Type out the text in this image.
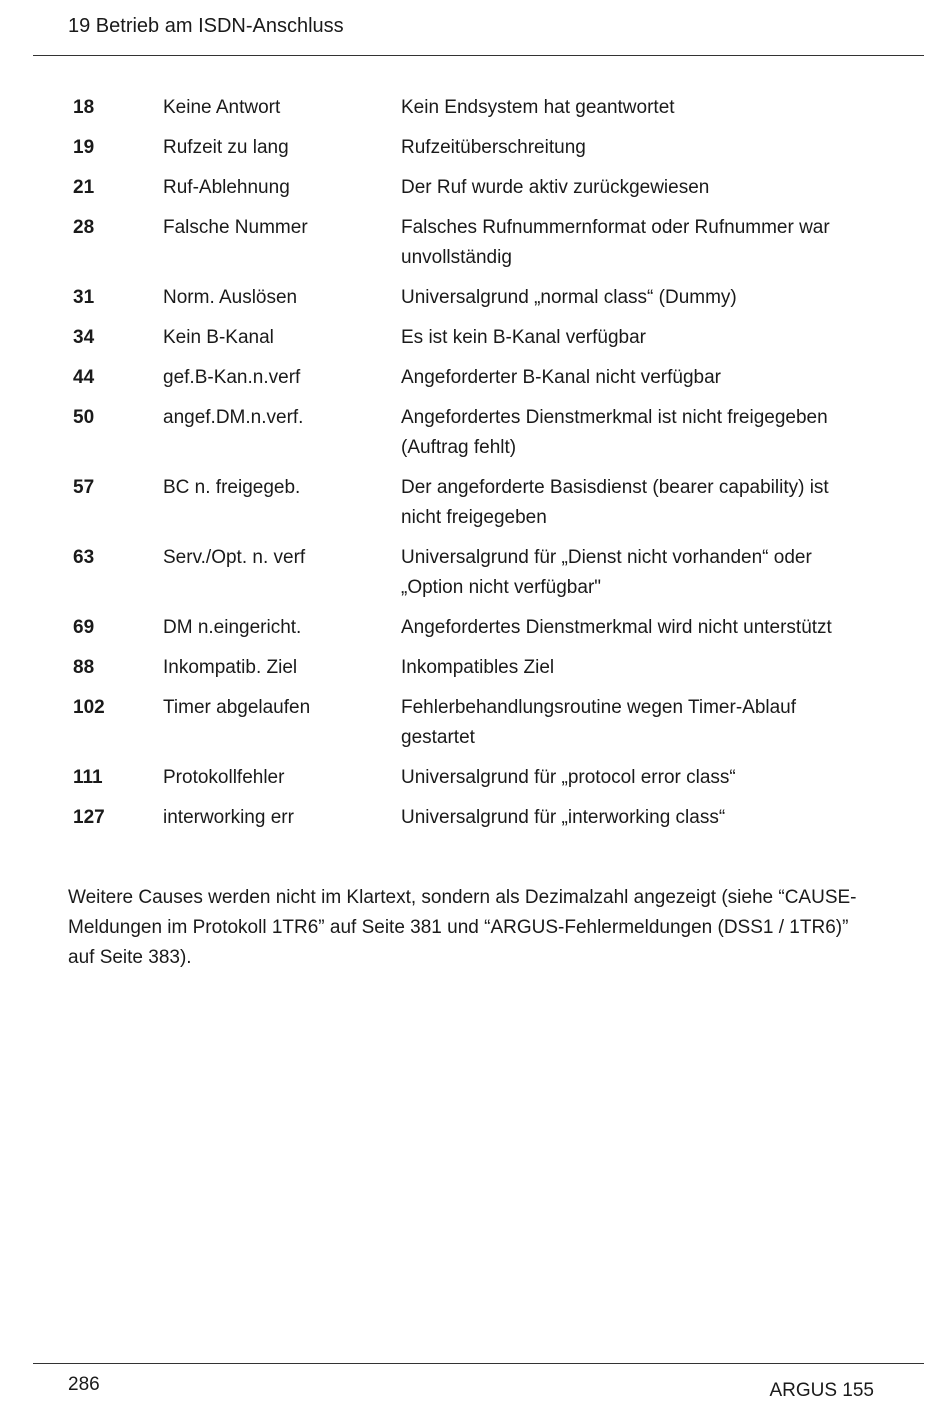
19 Betrieb am ISDN-Anschluss
18	Keine Antwort	Kein Endsystem hat geantwortet
19	Rufzeit zu lang	Rufzeitüberschreitung
21	Ruf-Ablehnung	Der Ruf wurde aktiv zurückgewiesen
28	Falsche Nummer	Falsches Rufnummernformat oder Rufnummer war unvollständig
31	Norm. Auslösen	Universalgrund „normal class“ (Dummy)
34	Kein B-Kanal	Es ist kein B-Kanal verfügbar
44	gef.B-Kan.n.verf	Angeforderter B-Kanal nicht verfügbar
50	angef.DM.n.verf.	Angefordertes Dienstmerkmal ist nicht freigegeben (Auftrag fehlt)
57	BC n. freigegeb.	Der angeforderte Basisdienst (bearer capability) ist nicht freigegeben
63	Serv./Opt. n. verf	Universalgrund für „Dienst nicht vorhanden“ oder „Option nicht verfügbar"
69	DM n.eingericht.	Angefordertes Dienstmerkmal wird nicht unterstützt
88	Inkompatib. Ziel	Inkompatibles Ziel
102	Timer abgelaufen	Fehlerbehandlungsroutine wegen Timer-Ablauf gestartet
111	Protokollfehler	Universalgrund für „protocol error class“
127	interworking err	Universalgrund für „interworking class“

Weitere Causes werden nicht im Klartext, sondern als Dezimalzahl angezeigt (siehe “CAUSE-Meldungen im Protokoll 1TR6” auf Seite 381 und “ARGUS-Fehlermeldungen (DSS1 / 1TR6)” auf Seite 383).

286	ARGUS 155
